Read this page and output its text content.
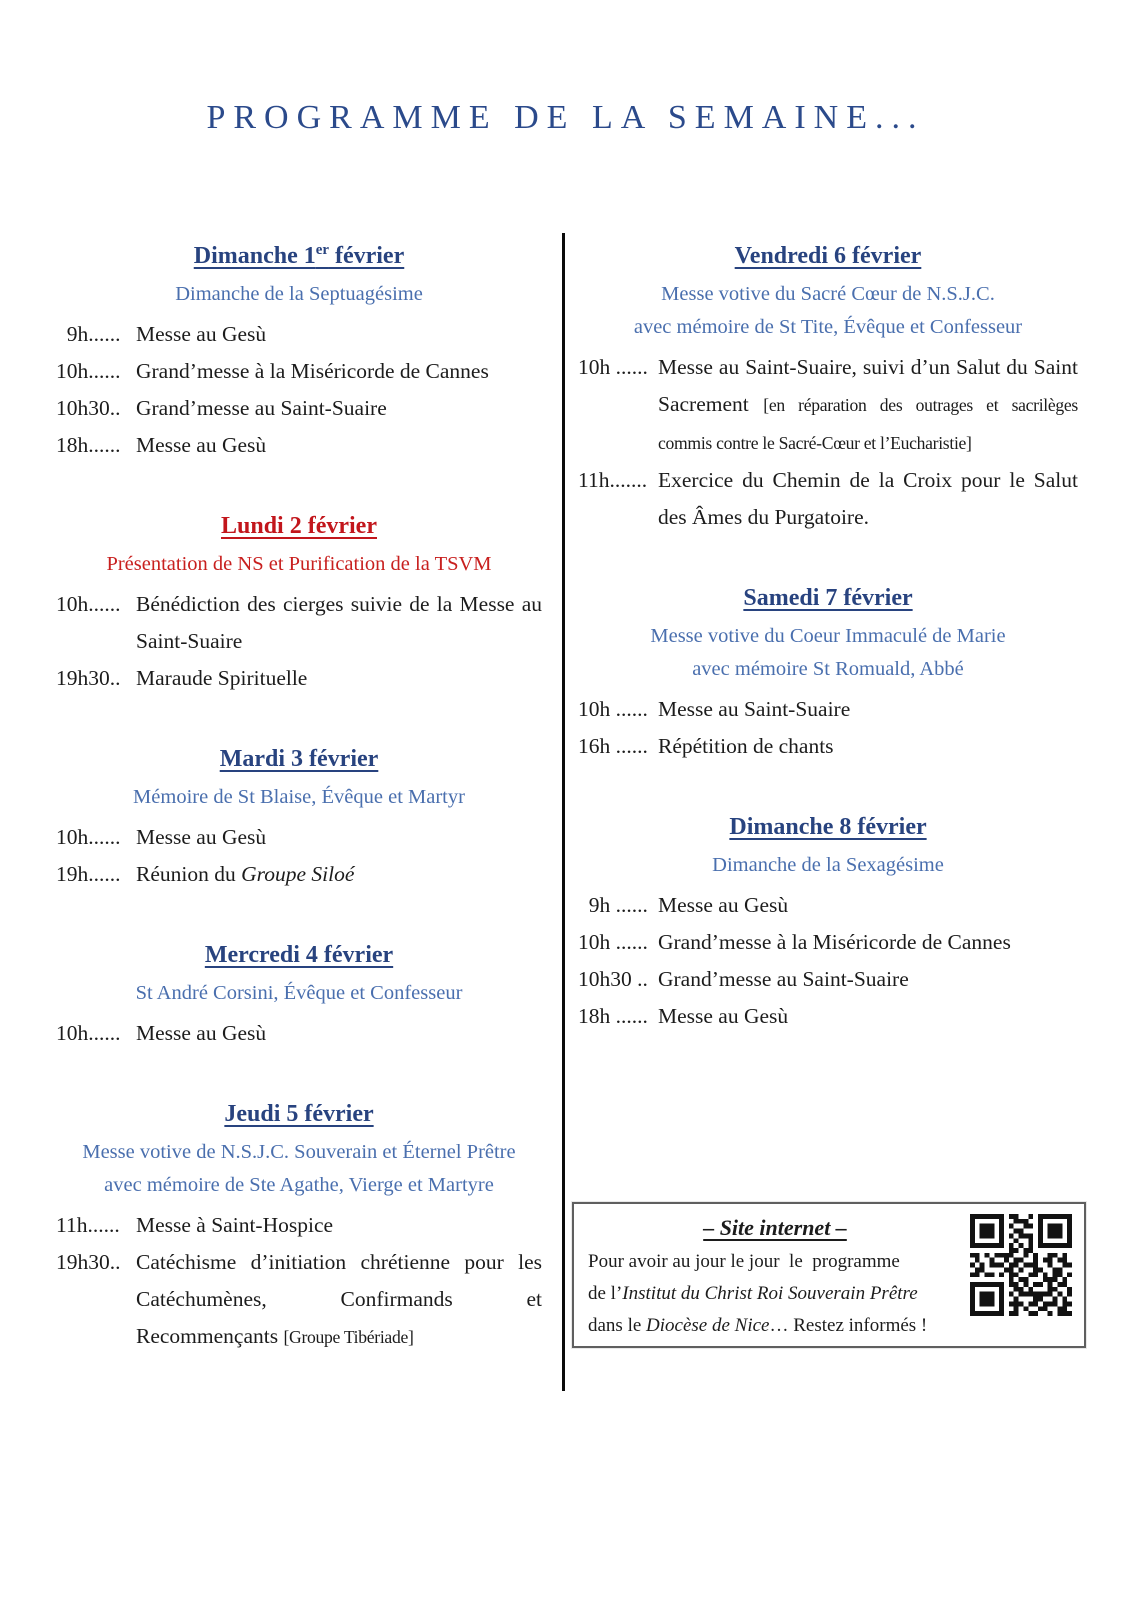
PROGRAMME DE LA SEMAINE...
Dimanche 1er février
Dimanche de la Septuagésime
9h...... Messe au Gesù
10h...... Grand’messe à la Miséricorde de Cannes
10h30.. Grand’messe au Saint-Suaire
18h...... Messe au Gesù
Lundi 2 février
Présentation de NS et Purification de la TSVM
10h...... Bénédiction des cierges suivie de la Messe au Saint-Suaire
19h30.. Maraude Spirituelle
Mardi 3 février
Mémoire de St Blaise, Évêque et Martyr
10h...... Messe au Gesù
19h...... Réunion du Groupe Siloé
Mercredi 4 février
St André Corsini, Évêque et Confesseur
10h...... Messe au Gesù
Jeudi 5 février
Messe votive de N.S.J.C. Souverain et Éternel Prêtre
avec mémoire de Ste Agathe, Vierge et Martyre
11h...... Messe à Saint-Hospice
19h30.. Catéchisme d’initiation chrétienne pour les Catéchumènes, Confirmands et Recommençants [Groupe Tibériade]
Vendredi 6 février
Messe votive du Sacré Cœur de N.S.J.C.
avec mémoire de St Tite, Évêque et Confesseur
10h ...... Messe au Saint-Suaire, suivi d’un Salut du Saint Sacrement [en réparation des outrages et sacrilèges commis contre le Sacré-Cœur et l’Eucharistie]
11h....... Exercice du Chemin de la Croix pour le Salut des Âmes du Purgatoire.
Samedi 7 février
Messe votive du Coeur Immaculé de Marie
avec mémoire St Romuald, Abbé
10h ...... Messe au Saint-Suaire
16h ...... Répétition de chants
Dimanche 8 février
Dimanche de la Sexagésime
9h ...... Messe au Gesù
10h ...... Grand’messe à la Miséricorde de Cannes
10h30 .. Grand’messe au Saint-Suaire
18h ...... Messe au Gesù
– Site internet –
Pour avoir au jour le jour  le  programme
de l’Institut du Christ Roi Souverain Prêtre
dans le Diocèse de Nice… Restez informés !
